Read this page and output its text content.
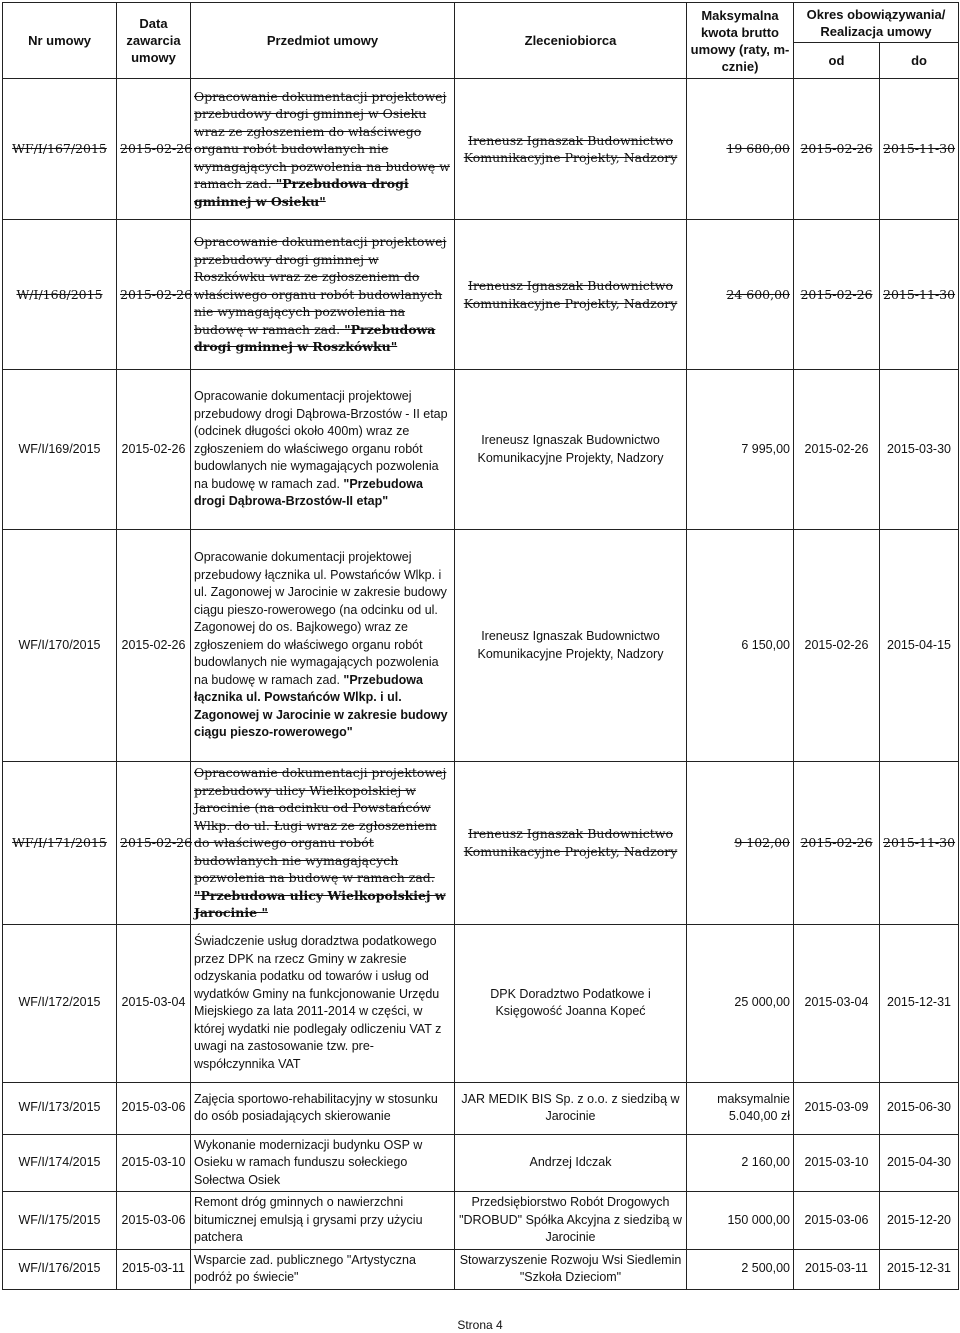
Nr umowy	Data zawarcia umowy	Przedmiot umowy	Zleceniobiorca	Maksymalna kwota brutto umowy (raty, m-cznie)	Okres obowiązywania/ Realizacja umowy	
					od	do
WF/I/167/2015	2015-02-26	Opracowanie dokumentacji projektowej przebudowy drogi gminnej w Osieku wraz ze zgłoszeniem do właściwego organu robót budowlanych nie wymagających pozwolenia na budowę w ramach zad. "Przebudowa drogi gminnej w Osieku"	Ireneusz Ignaszak Budownictwo Komunikacyjne Projekty, Nadzory	19 680,00	2015-02-26	2015-11-30
W/I/168/2015	2015-02-26	Opracowanie dokumentacji projektowej przebudowy drogi gminnej w Roszkówku wraz ze zgłoszeniem do właściwego organu robót budowlanych nie wymagających pozwolenia na budowę w ramach zad. "Przebudowa drogi gminnej w Roszkówku"	Ireneusz Ignaszak Budownictwo Komunikacyjne Projekty, Nadzory	24 600,00	2015-02-26	2015-11-30
WF/I/169/2015	2015-02-26	Opracowanie dokumentacji projektowej przebudowy drogi Dąbrowa-Brzostów - II etap (odcinek długości około 400m) wraz ze zgłoszeniem do właściwego organu robót budowlanych nie wymagających pozwolenia na budowę w ramach zad. "Przebudowa drogi Dąbrowa-Brzostów-II etap"	Ireneusz Ignaszak Budownictwo Komunikacyjne Projekty, Nadzory	7 995,00	2015-02-26	2015-03-30
WF/I/170/2015	2015-02-26	Opracowanie dokumentacji projektowej przebudowy łącznika ul. Powstańców Wlkp. i ul. Zagonowej w Jarocinie w zakresie budowy ciągu pieszo-rowerowego (na odcinku od ul. Zagonowej do os. Bajkowego) wraz ze zgłoszeniem do właściwego organu robót budowlanych nie wymagających pozwolenia na budowę w ramach zad. "Przebudowa łącznika ul. Powstańców Wlkp. i ul. Zagonowej w Jarocinie w zakresie budowy ciągu pieszo-rowerowego"	Ireneusz Ignaszak Budownictwo Komunikacyjne Projekty, Nadzory	6 150,00	2015-02-26	2015-04-15
WF/I/171/2015	2015-02-26	Opracowanie dokumentacji projektowej przebudowy ulicy Wielkopolskiej w Jarocinie (na odcinku od Powstańców Wlkp. do ul. Ługi wraz ze zgłoszeniem do właściwego organu robót budowlanych nie wymagających pozwolenia na budowę w ramach zad. "Przebudowa ulicy Wielkopolskiej w Jarocinie "	Ireneusz Ignaszak Budownictwo Komunikacyjne Projekty, Nadzory	9 102,00	2015-02-26	2015-11-30
WF/I/172/2015	2015-03-04	Świadczenie usług doradztwa podatkowego przez DPK na rzecz Gminy w zakresie odzyskania podatku od towarów i usług od wydatków Gminy na funkcjonowanie Urzędu Miejskiego za lata 2011-2014 w części, w której wydatki nie podlegały odliczeniu VAT z uwagi na zastosowanie tzw. pre-współczynnika VAT	DPK Doradztwo Podatkowe i Księgowość Joanna Kopeć	25 000,00	2015-03-04	2015-12-31
WF/I/173/2015	2015-03-06	Zajęcia sportowo-rehabilitacyjny w stosunku do osób posiadających skierowanie	JAR MEDIK BIS Sp. z o.o. z siedzibą w Jarocinie	maksymalnie 5.040,00 zł	2015-03-09	2015-06-30
WF/I/174/2015	2015-03-10	Wykonanie modernizacji budynku OSP w Osieku w ramach funduszu sołeckiego Sołectwa Osiek	Andrzej Idczak	2 160,00	2015-03-10	2015-04-30
WF/I/175/2015	2015-03-06	Remont dróg gminnych o nawierzchni bitumicznej emulsją i grysami przy użyciu patchera	Przedsiębiorstwo Robót Drogowych "DROBUD" Spółka Akcyjna z siedzibą w Jarocinie	150 000,00	2015-03-06	2015-12-20
WF/I/176/2015	2015-03-11	Wsparcie zad. publicznego "Artystyczna podróż po świecie"	Stowarzyszenie Rozwoju Wsi Siedlemin "Szkoła Dzieciom"	2 500,00	2015-03-11	2015-12-31
Strona 4
